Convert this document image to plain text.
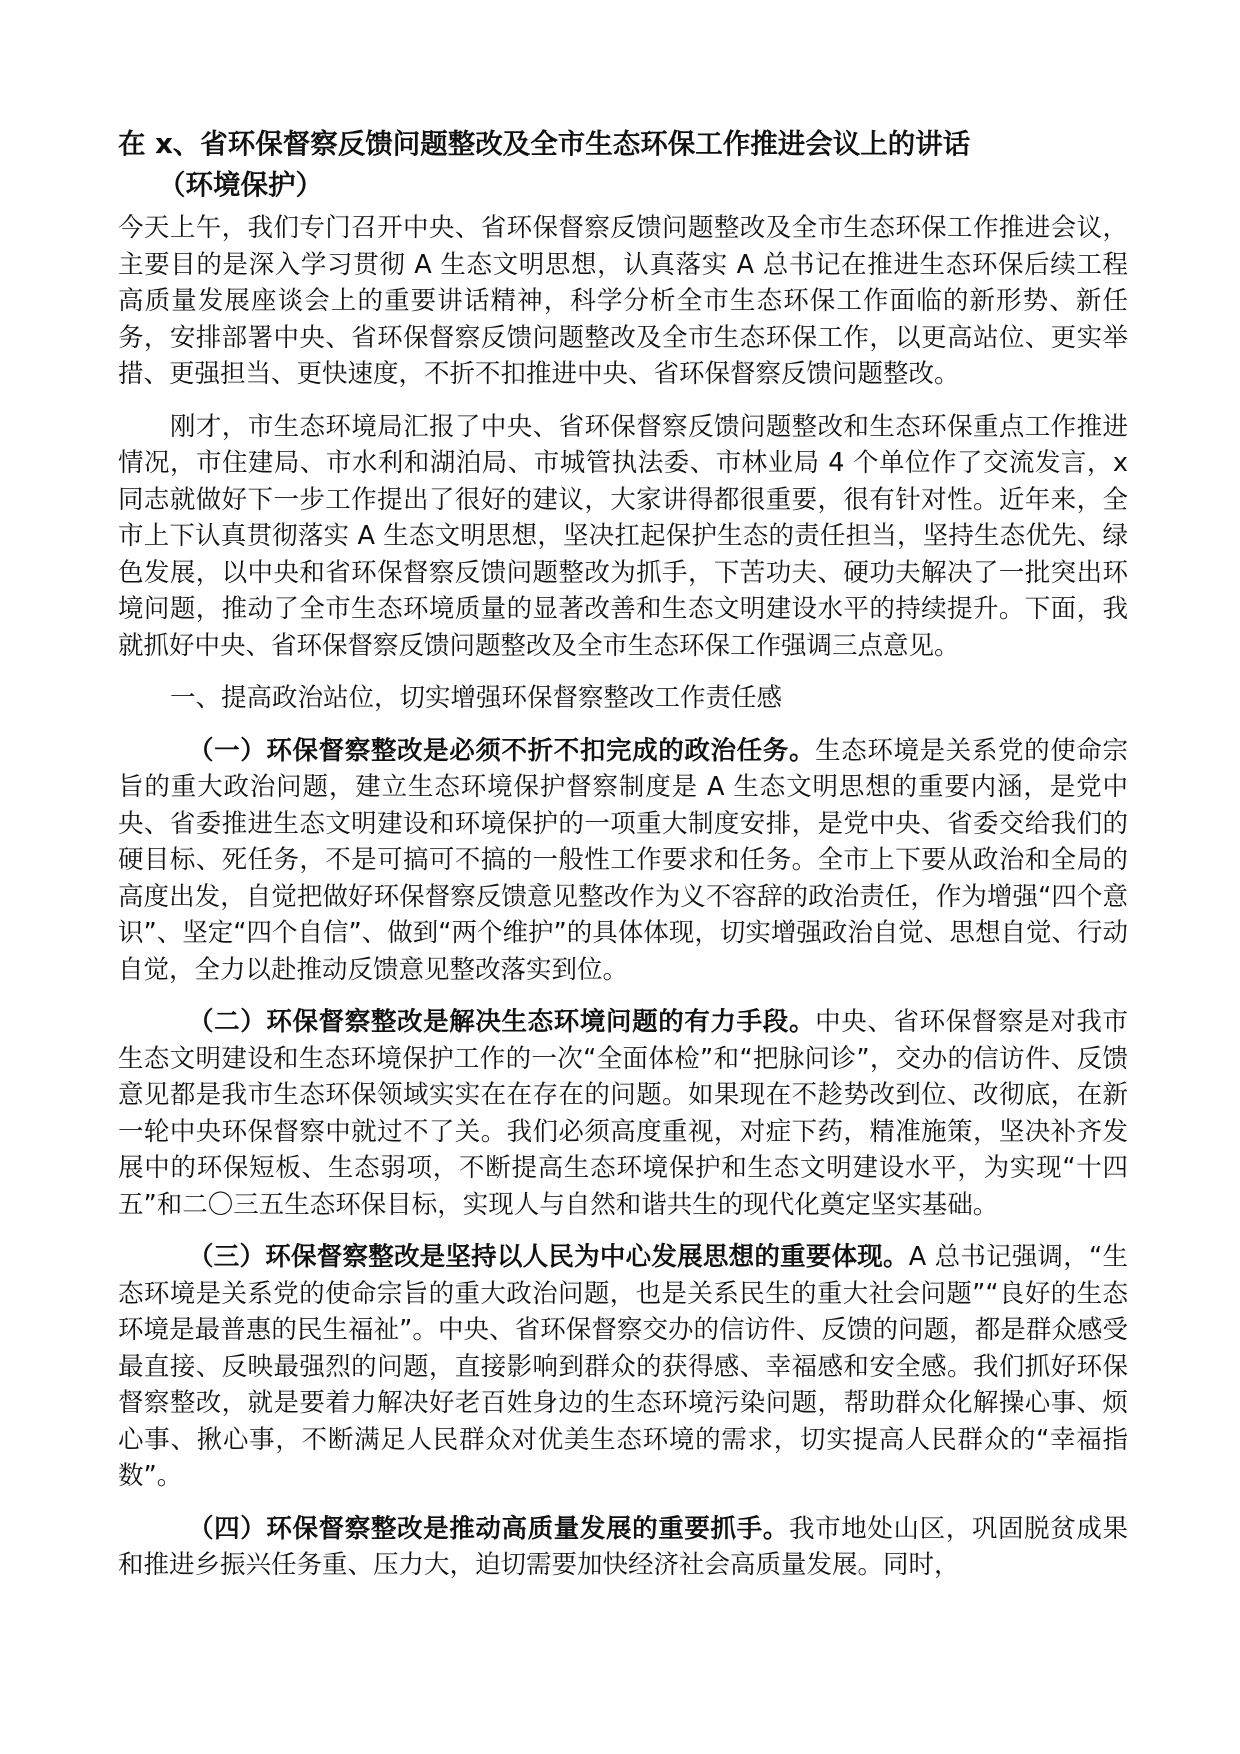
在 x、省环保督察反馈问题整改及全市生态环保工作推进会议上的讲话
（环境保护）

今天上午，我们专门召开中央、省环保督察反馈问题整改及全市生态环保工作推进会议，主要目的是深入学习贯彻 A 生态文明思想，认真落实 A 总书记在推进生态环保后续工程高质量发展座谈会上的重要讲话精神，科学分析全市生态环保工作面临的新形势、新任务，安排部署中央、省环保督察反馈问题整改及全市生态环保工作，以更高站位、更实举措、更强担当、更快速度，不折不扣推进中央、省环保督察反馈问题整改。

刚才，市生态环境局汇报了中央、省环保督察反馈问题整改和生态环保重点工作推进情况，市住建局、市水利和湖泊局、市城管执法委、市林业局 4 个单位作了交流发言，x 同志就做好下一步工作提出了很好的建议，大家讲得都很重要，很有针对性。近年来，全市上下认真贯彻落实 A 生态文明思想，坚决扛起保护生态的责任担当，坚持生态优先、绿色发展，以中央和省环保督察反馈问题整改为抓手，下苦功夫、硬功夫解决了一批突出环境问题，推动了全市生态环境质量的显著改善和生态文明建设水平的持续提升。下面，我就抓好中央、省环保督察反馈问题整改及全市生态环保工作强调三点意见。

一、提高政治站位，切实增强环保督察整改工作责任感

（一）环保督察整改是必须不折不扣完成的政治任务。生态环境是关系党的使命宗旨的重大政治问题，建立生态环境保护督察制度是 A 生态文明思想的重要内涵，是党中央、省委推进生态文明建设和环境保护的一项重大制度安排，是党中央、省委交给我们的硬目标、死任务，不是可搞可不搞的一般性工作要求和任务。全市上下要从政治和全局的高度出发，自觉把做好环保督察反馈意见整改作为义不容辞的政治责任，作为增强“四个意识”、坚定“四个自信”、做到“两个维护”的具体体现，切实增强政治自觉、思想自觉、行动自觉，全力以赴推动反馈意见整改落实到位。

（二）环保督察整改是解决生态环境问题的有力手段。中央、省环保督察是对我市生态文明建设和生态环境保护工作的一次“全面体检”和“把脉问诊”，交办的信访件、反馈意见都是我市生态环保领域实实在在存在的问题。如果现在不趁势改到位、改彻底，在新一轮中央环保督察中就过不了关。我们必须高度重视，对症下药，精准施策，坚决补齐发展中的环保短板、生态弱项，不断提高生态环境保护和生态文明建设水平，为实现“十四五”和二〇三五生态环保目标，实现人与自然和谐共生的现代化奠定坚实基础。

（三）环保督察整改是坚持以人民为中心发展思想的重要体现。A 总书记强调，“生态环境是关系党的使命宗旨的重大政治问题，也是关系民生的重大社会问题”“良好的生态环境是最普惠的民生福祉”。中央、省环保督察交办的信访件、反馈的问题，都是群众感受最直接、反映最强烈的问题，直接影响到群众的获得感、幸福感和安全感。我们抓好环保督察整改，就是要着力解决好老百姓身边的生态环境污染问题，帮助群众化解操心事、烦心事、揪心事，不断满足人民群众对优美生态环境的需求，切实提高人民群众的“幸福指数”。

（四）环保督察整改是推动高质量发展的重要抓手。我市地处山区，巩固脱贫成果和推进乡振兴任务重、压力大，迫切需要加快经济社会高质量发展。同时，
